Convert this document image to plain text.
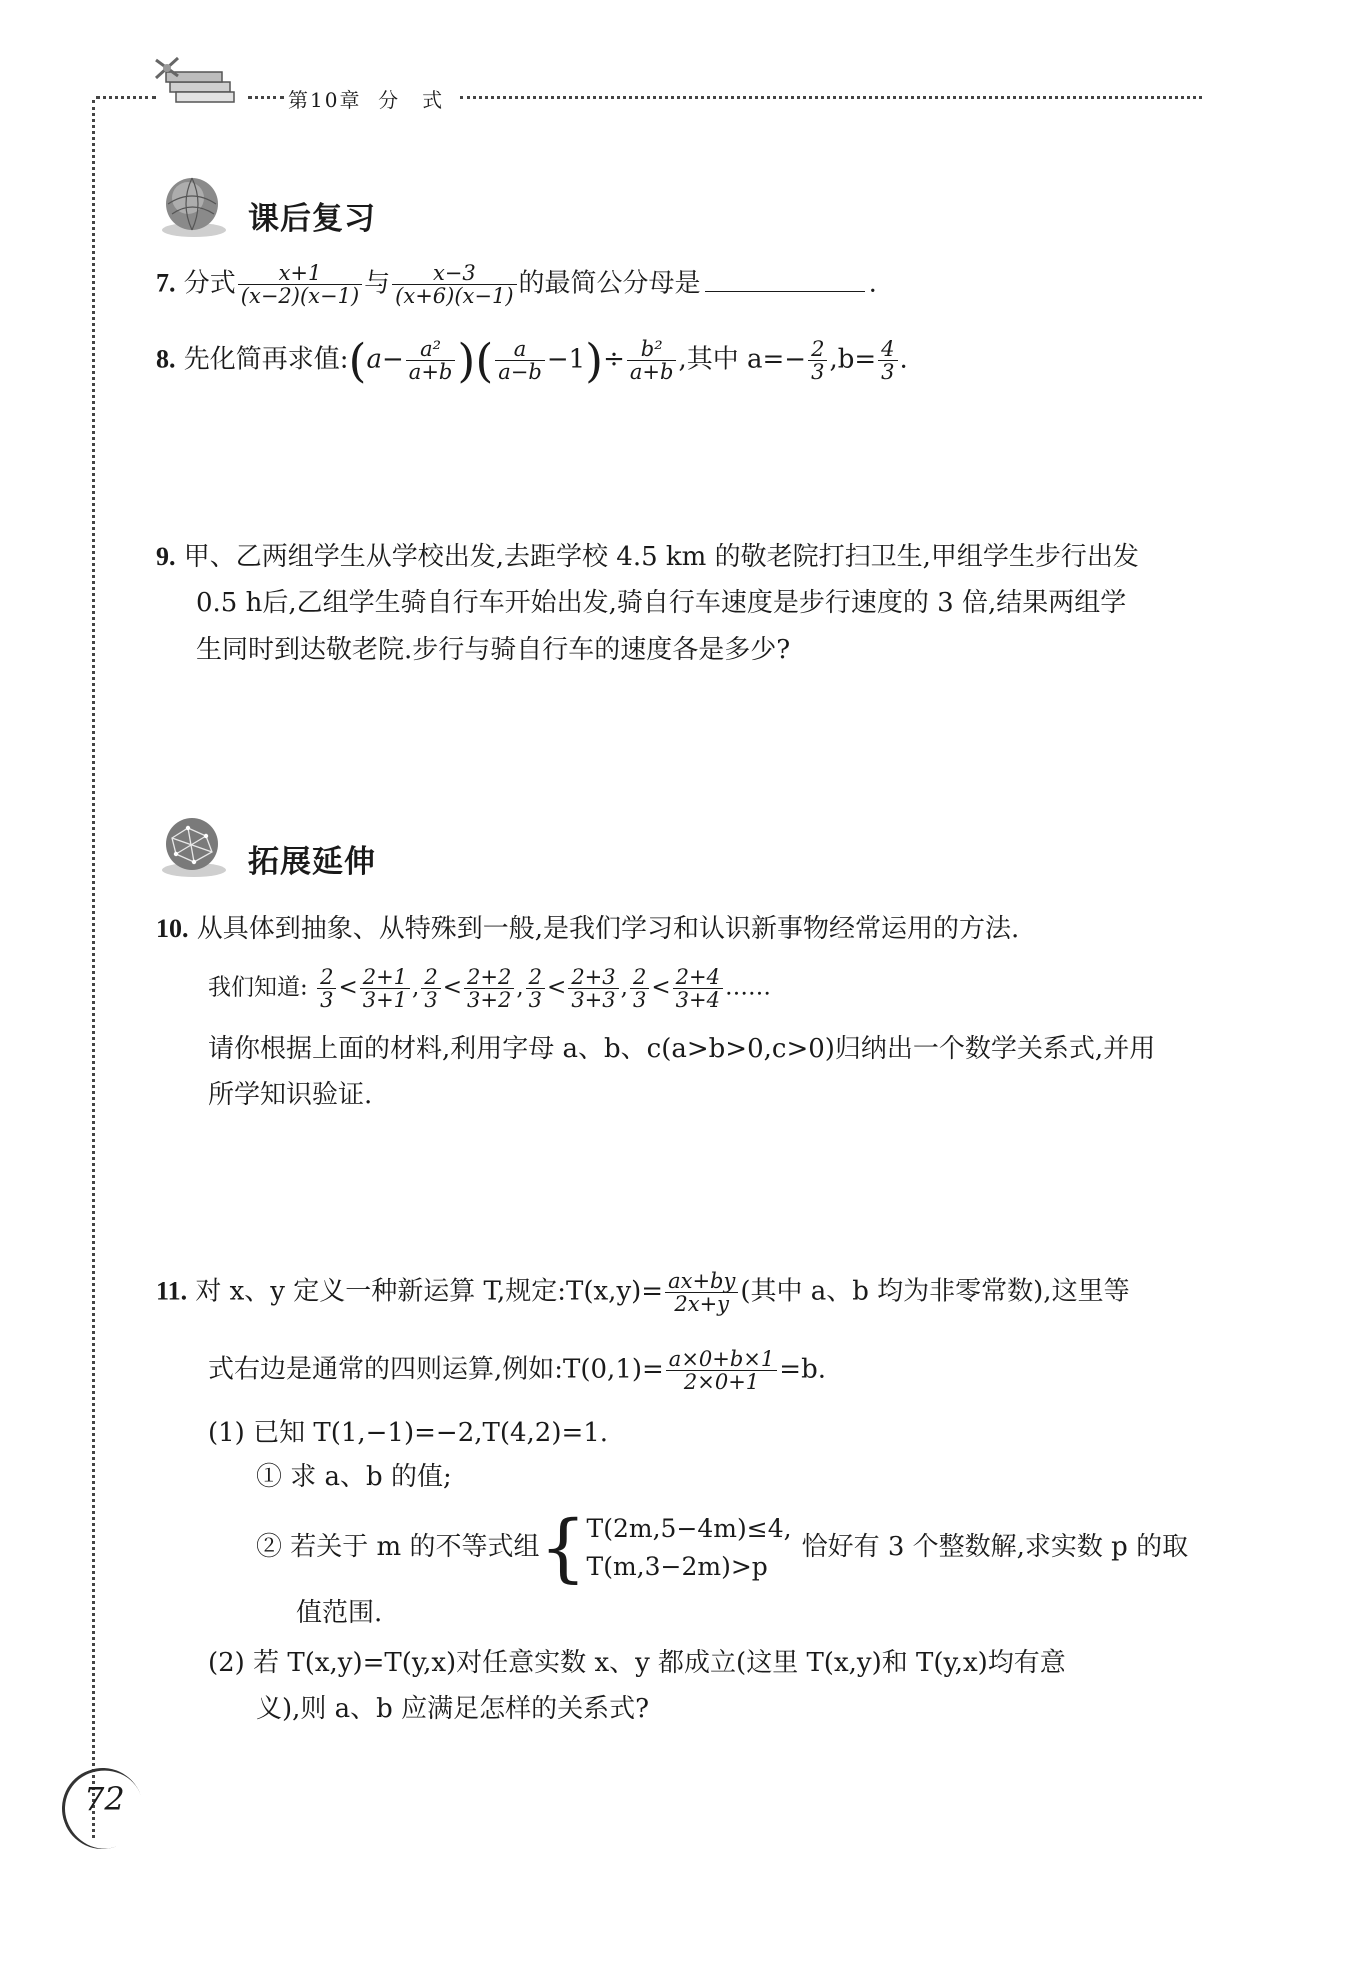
第10章 分　式
课后复习
7. 分式 $\frac{x+1}{(x-2)(x-1)}$ 与 $\frac{x-3}{(x+6)(x-1)}$ 的最简公分母是	.
8. 先化简再求值:(a− $\frac{\text{a²}}{a+b}$ )( $\frac{a}{a-b} -1)\div \frac{\text{b²}}{a+b}$ ,其中 $a=- \frac{2}{3} ,b= \frac{4}{3}$ .
9. 甲、乙两组学生从学校出发,去距学校 4.5 km 的敬老院打扫卫生,甲组学生步行出发
0.5 h后,乙组学生骑自行车开始出发,骑自行车速度是步行速度的 3 倍,结果两组学
生同时到达敬老院.步行与骑自行车的速度各是多少?
拓展延伸
10. 从具体到抽象、从特殊到一般,是我们学习和认识新事物经常运用的方法.
我们知道: $\frac{2}{3} < \frac{2+1}{3+1}$ , $\frac{2}{3} < \frac{2+2}{3+2}$ , $\frac{2}{3} < \frac{2+3}{3+3}$ , $\frac{2}{3} < \frac{2+4}{3+4}$ ……
请你根据上面的材料,利用字母 a、b、c(a>b>0,c>0)归纳出一个数学关系式,并用
所学知识验证.
11. 对 x、y 定义一种新运算 T,规定:T(x,y)= $\frac{ax+by}{2x+y}$ (其中 a、b 均为非零常数),这里等
式右边是通常的四则运算,例如:T(0,1)= $\frac{a\times 0+b\times 1}{2\times 0+1} =b$.
(1) 已知 T(1,−1)=−2,T(4,2)=1.
① 求 a、b 的值;
② 若关于 m 的不等式组{ T(2m,5−4m)≤4,
T(m,3−2m)>p
恰好有 3 个整数解,求实数 p 的取
值范围.
(2) 若 T(x,y)=T(y,x)对任意实数 x、y 都成立(这里 T(x,y)和 T(y,x)均有意
义),则 a、b 应满足怎样的关系式?
72
